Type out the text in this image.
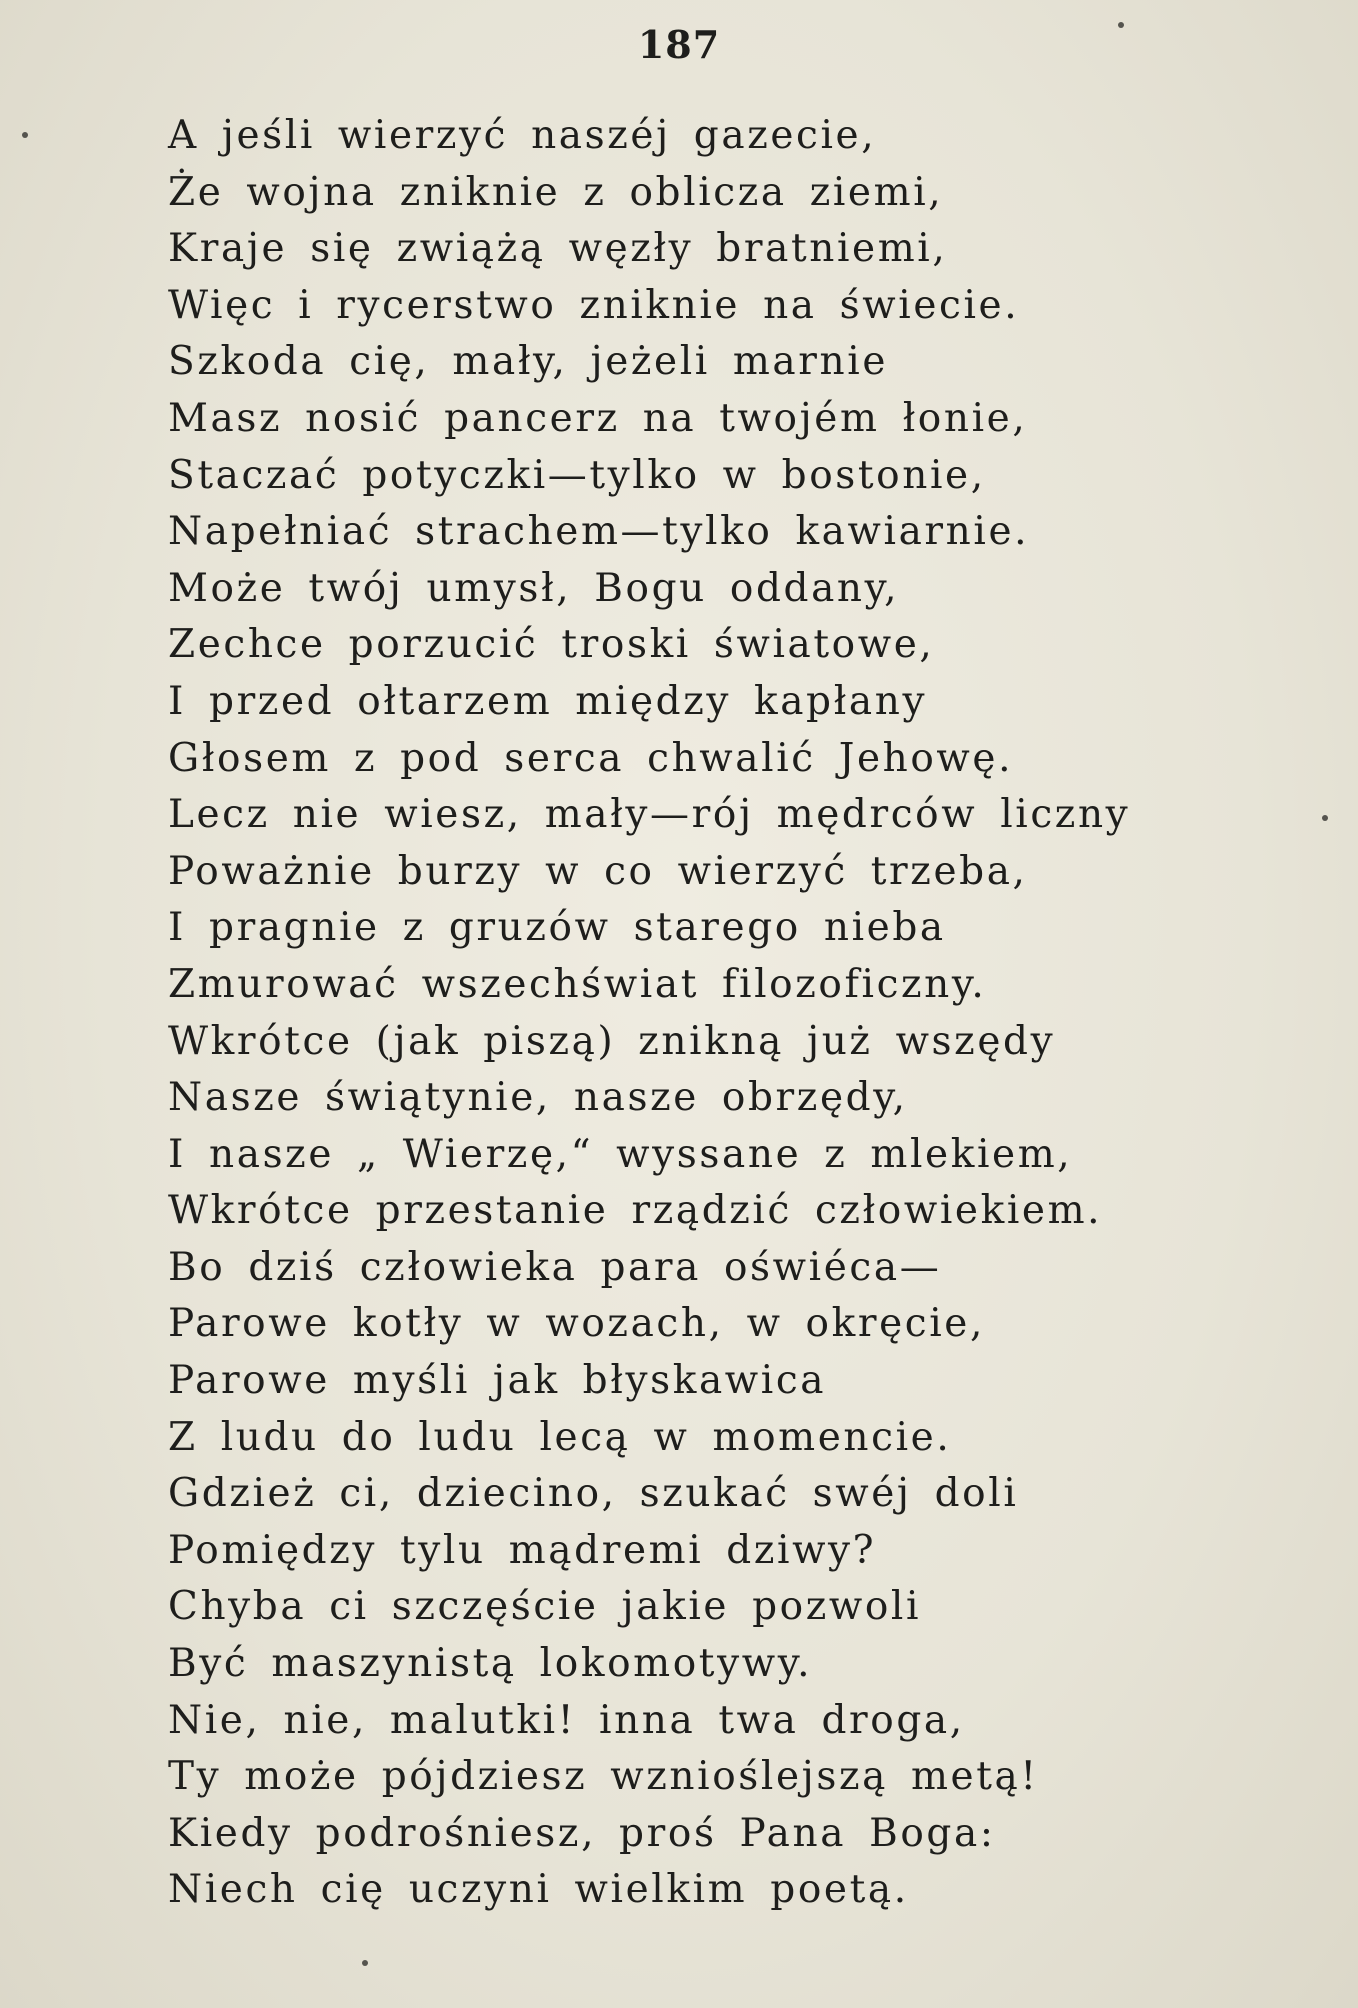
187
A jeśli wierzyć naszéj gazecie,
Że wojna zniknie z oblicza ziemi,
Kraje się zwiążą węzły bratniemi,
Więc i rycerstwo zniknie na świecie.
Szkoda cię, mały, jeżeli marnie
Masz nosić pancerz na twojém łonie,
Staczać potyczki—tylko w bostonie,
Napełniać strachem—tylko kawiarnie.
Może twój umysł, Bogu oddany,
Zechce porzucić troski światowe,
I przed ołtarzem między kapłany
Głosem z pod serca chwalić Jehowę.
Lecz nie wiesz, mały—rój mędrców liczny
Poważnie burzy w co wierzyć trzeba,
I pragnie z gruzów starego nieba
Zmurować wszechświat filozoficzny.
Wkrótce (jak piszą) znikną już wszędy
Nasze świątynie, nasze obrzędy,
I nasze „ Wierzę,“ wyssane z mlekiem,
Wkrótce przestanie rządzić człowiekiem.
Bo dziś człowieka para oświéca—
Parowe kotły w wozach, w okręcie,
Parowe myśli jak błyskawica
Z ludu do ludu lecą w momencie.
Gdzież ci, dziecino, szukać swéj doli
Pomiędzy tylu mądremi dziwy?
Chyba ci szczęście jakie pozwoli
Być maszynistą lokomotywy.
Nie, nie, malutki! inna twa droga,
Ty może pójdziesz wznioślejszą metą!
Kiedy podrośniesz, proś Pana Boga:
Niech cię uczyni wielkim poetą.
